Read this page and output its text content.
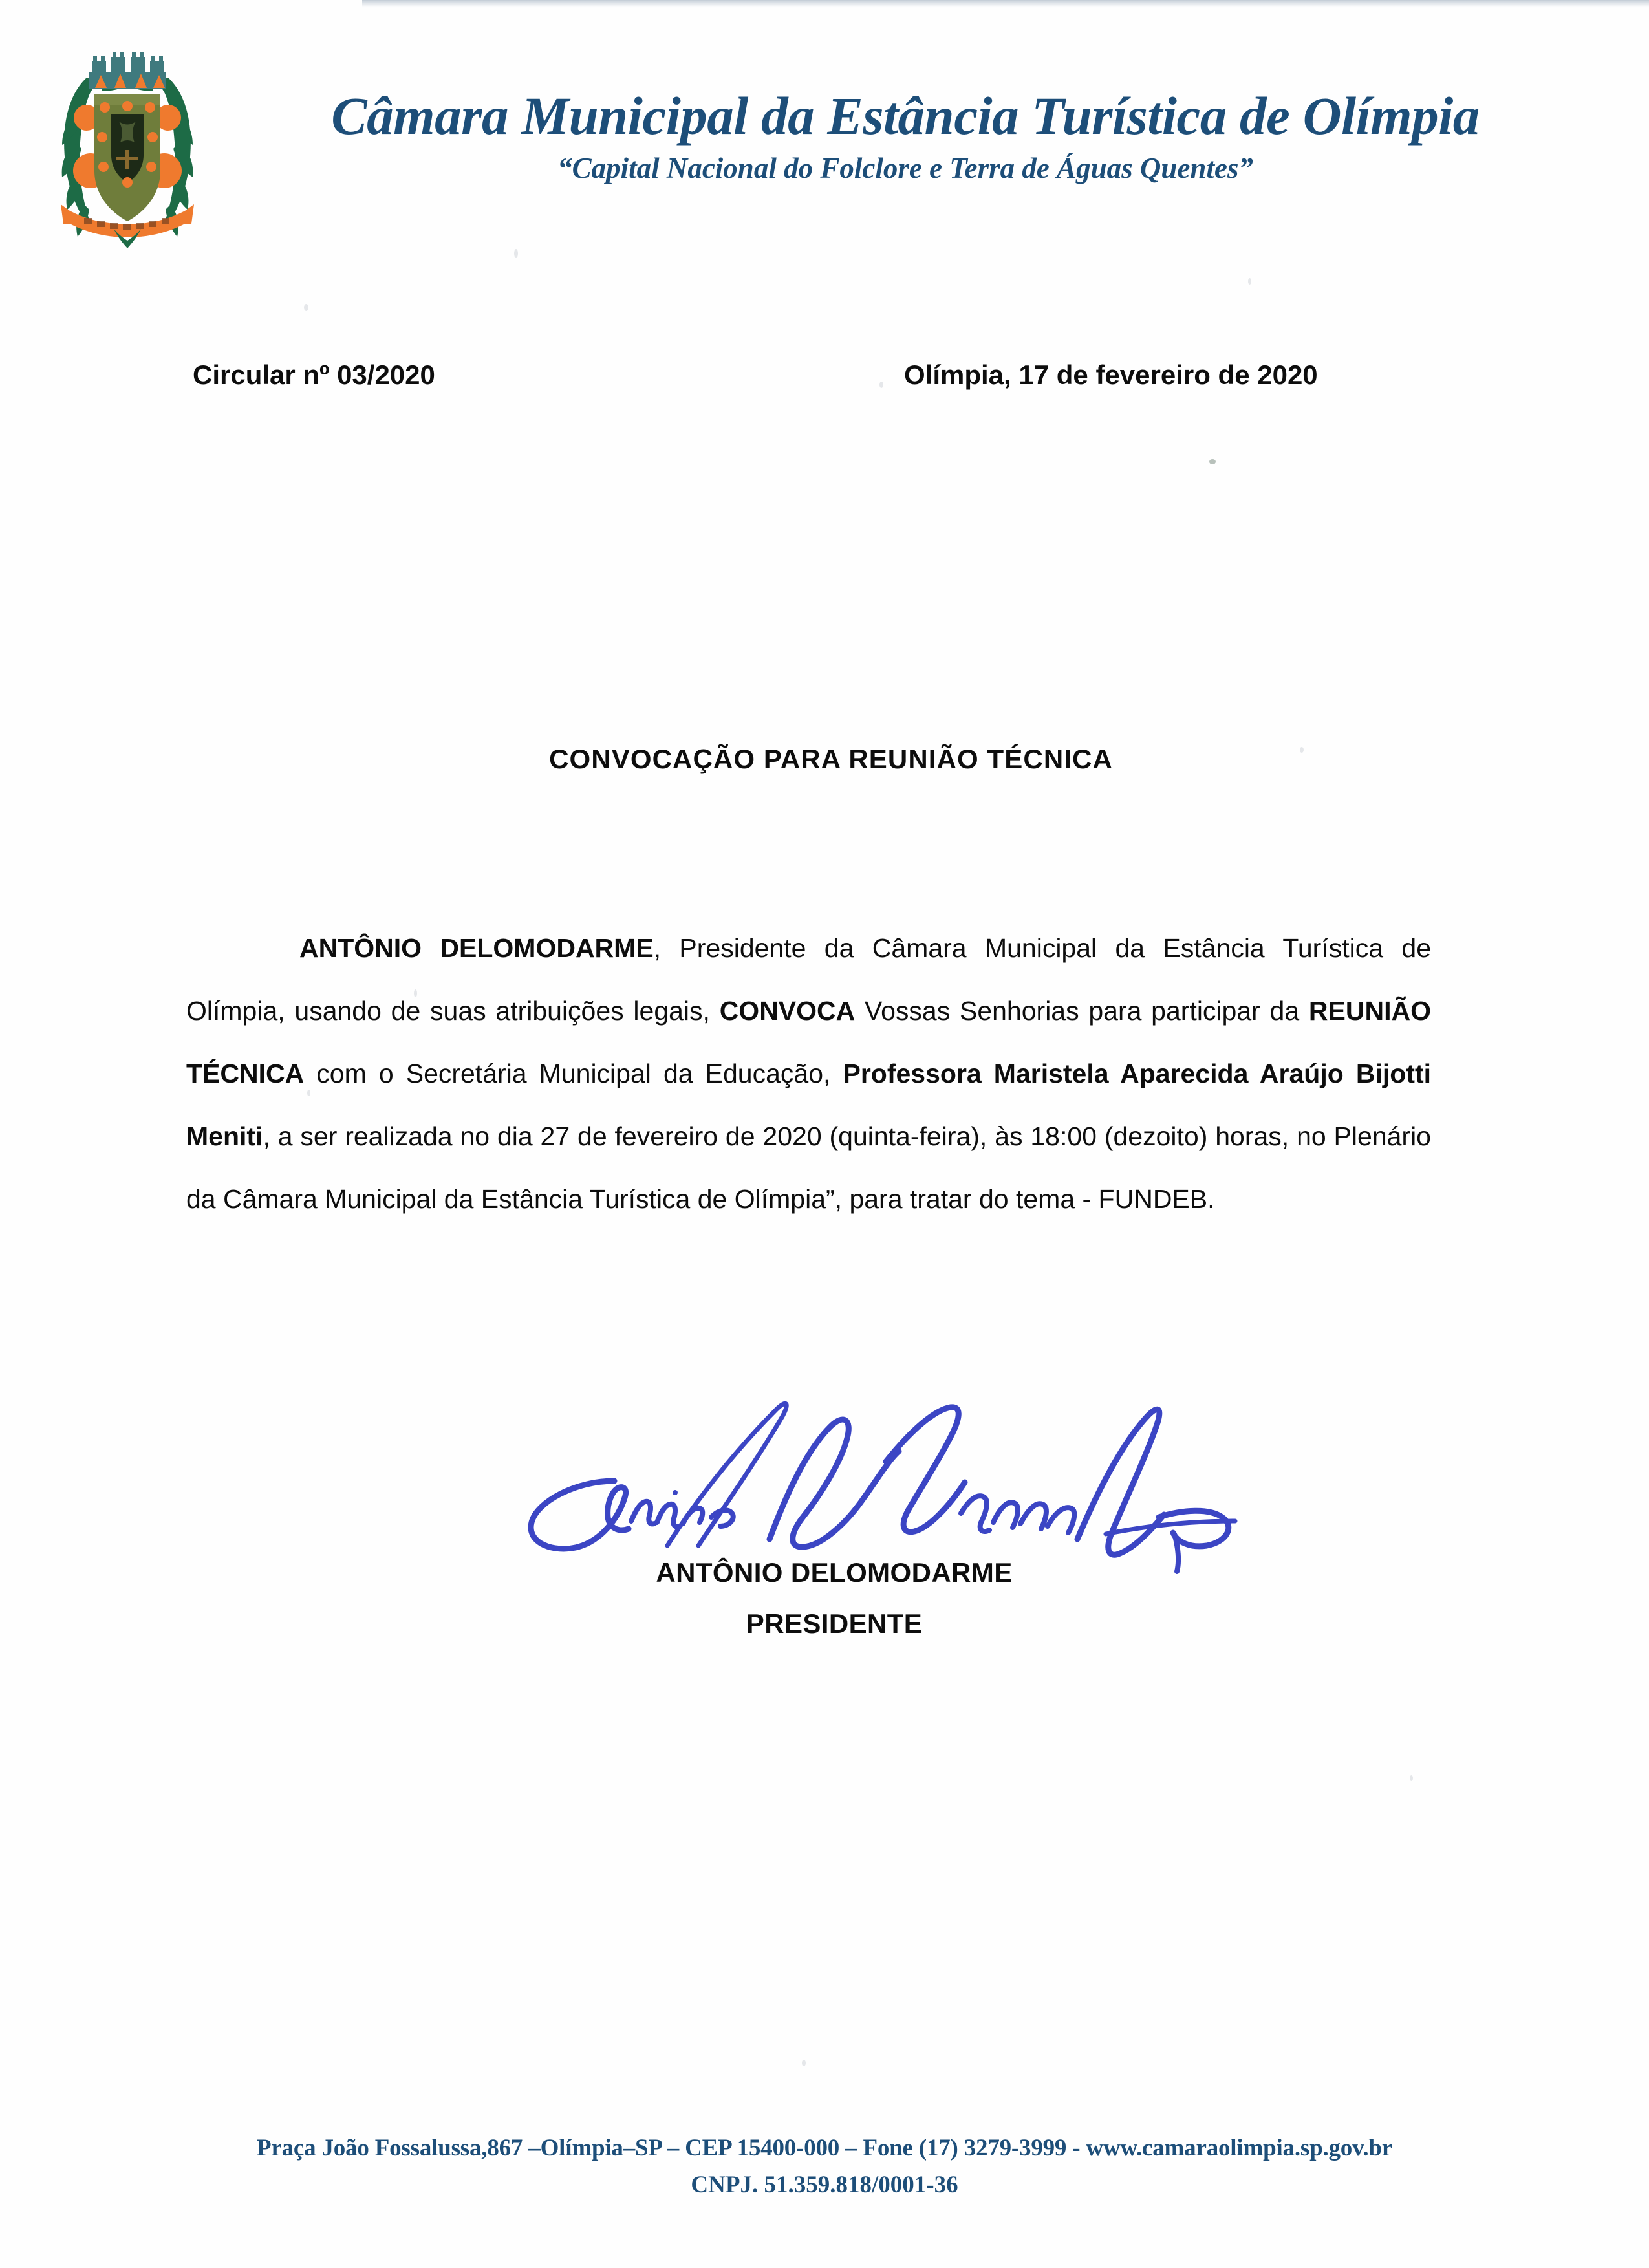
Câmara Municipal da Estância Turística de Olímpia
“Capital Nacional do Folclore e Terra de Águas Quentes”
Circular nº 03/2020	Olímpia, 17 de fevereiro de 2020
CONVOCAÇÃO PARA REUNIÃO TÉCNICA
ANTÔNIO DELOMODARME, Presidente da Câmara Municipal da Estância Turística de Olímpia, usando de suas atribuições legais, CONVOCA Vossas Senhorias para participar da REUNIÃO TÉCNICA com o Secretária Municipal da Educação, Professora Maristela Aparecida Araújo Bijotti Meniti, a ser realizada no dia 27 de fevereiro de 2020 (quinta-feira), às 18:00 (dezoito) horas, no Plenário da Câmara Municipal da Estância Turística de Olímpia”, para tratar do tema - FUNDEB.
ANTÔNIO DELOMODARME
PRESIDENTE
Praça João Fossalussa,867 –Olímpia–SP – CEP 15400-000 – Fone (17) 3279-3999 - www.camaraolimpia.sp.gov.br
CNPJ. 51.359.818/0001-36
